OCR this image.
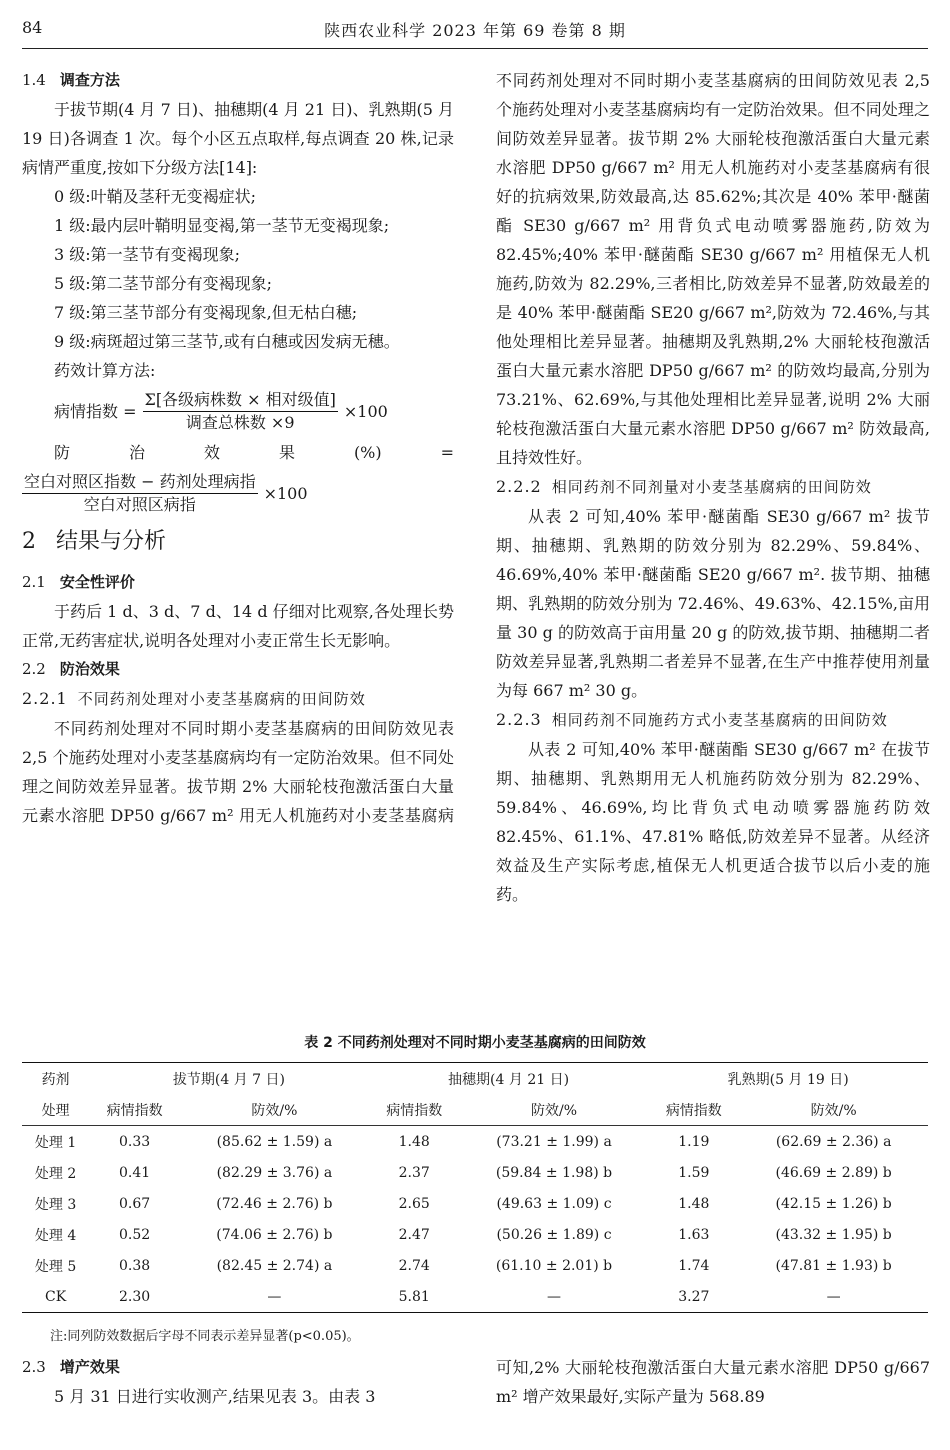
84	陕西农业科学 2023 年第 69 卷第 8 期

1.4 调查方法

于拔节期(4 月 7 日)、抽穗期(4 月 21 日)、乳熟期(5 月 19 日)各调查 1 次。每个小区五点取样,每点调查 20 株,记录病情严重度,按如下分级方法[14]:

0 级:叶鞘及茎秆无变褐症状;

1 级:最内层叶鞘明显变褐,第一茎节无变褐现象;

3 级:第一茎节有变褐现象;

5 级:第二茎节部分有变褐现象;

7 级:第三茎节部分有变褐现象,但无枯白穗;

9 级:病斑超过第三茎节,或有白穗或因发病无穗。

药效计算方法:

病情指数 = $\frac{\text{Σ[各级病株数 × 相对级值]}}{\text{调查总株数 ×9}} \times 100$

防	治	效	果	(%)	=

$\frac{\text{空白对照区指数 − 药剂处理病指}}{\text{空白对照区病指}} \times 100$

2 结果与分析

2.1 安全性评价

于药后 1 d、3 d、7 d、14 d 仔细对比观察,各处理长势正常,无药害症状,说明各处理对小麦正常生长无影响。

2.2 防治效果

2.2.1 不同药剂处理对小麦茎基腐病的田间防效

不同药剂处理对不同时期小麦茎基腐病的田间防效见表 2,5 个施药处理对小麦茎基腐病均有一定防治效果。但不同处理之间防效差异显著。拔节期 2% 大丽轮枝孢激活蛋白大量元素水溶肥 DP50 g/667 m² 用无人机施药对小麦茎基腐病

不同药剂处理对不同时期小麦茎基腐病的田间防效见表 2,5 个施药处理对小麦茎基腐病均有一定防治效果。但不同处理之间防效差异显著。拔节期 2% 大丽轮枝孢激活蛋白大量元素水溶肥 DP50 g/667 m² 用无人机施药对小麦茎基腐病有很好的抗病效果,防效最高,达 85.62%;其次是 40% 苯甲·醚菌酯 SE30 g/667 m² 用背负式电动喷雾器施药,防效为 82.45%;40% 苯甲·醚菌酯 SE30 g/667 m² 用植保无人机施药,防效为 82.29%,三者相比,防效差异不显著,防效最差的是 40% 苯甲·醚菌酯 SE20 g/667 m²,防效为 72.46%,与其他处理相比差异显著。抽穗期及乳熟期,2% 大丽轮枝孢激活蛋白大量元素水溶肥 DP50 g/667 m² 的防效均最高,分别为 73.21%、62.69%,与其他处理相比差异显著,说明 2% 大丽轮枝孢激活蛋白大量元素水溶肥 DP50 g/667 m² 防效最高,且持效性好。

2.2.2 相同药剂不同剂量对小麦茎基腐病的田间防效

从表 2 可知,40% 苯甲·醚菌酯 SE30 g/667 m² 拔节期、抽穗期、乳熟期的防效分别为 82.29%、59.84%、46.69%,40% 苯甲·醚菌酯 SE20 g/667 m². 拔节期、抽穗期、乳熟期的防效分别为 72.46%、49.63%、42.15%,亩用量 30 g 的防效高于亩用量 20 g 的防效,拔节期、抽穗期二者防效差异显著,乳熟期二者差异不显著,在生产中推荐使用剂量为每 667 m² 30 g。

2.2.3 相同药剂不同施药方式小麦茎基腐病的田间防效

从表 2 可知,40% 苯甲·醚菌酯 SE30 g/667 m² 在拔节期、抽穗期、乳熟期用无人机施药防效分别为 82.29%、59.84%、46.69%,均比背负式电动喷雾器施药防效 82.45%、61.1%、47.81% 略低,防效差异不显著。从经济效益及生产实际考虑,植保无人机更适合拔节以后小麦的施药。

表 2 不同药剂处理对不同时期小麦茎基腐病的田间防效
药剂	拔节期(4 月 7 日)		抽穗期(4 月 21 日)		乳熟期(5 月 19 日)	
处理	病情指数	防效/%	病情指数	防效/%	病情指数	防效/%
处理 1	0.33	(85.62 ± 1.59) a	1.48	(73.21 ± 1.99) a	1.19	(62.69 ± 2.36) a
处理 2	0.41	(82.29 ± 3.76) a	2.37	(59.84 ± 1.98) b	1.59	(46.69 ± 2.89) b
处理 3	0.67	(72.46 ± 2.76) b	2.65	(49.63 ± 1.09) c	1.48	(42.15 ± 1.26) b
处理 4	0.52	(74.06 ± 2.76) b	2.47	(50.26 ± 1.89) c	1.63	(43.32 ± 1.95) b
处理 5	0.38	(82.45 ± 2.74) a	2.74	(61.10 ± 2.01) b	1.74	(47.81 ± 1.93) b
CK	2.30	—	5.81	—	3.27	—
注:同列防效数据后字母不同表示差异显著(p<0.05)。

2.3 增产效果

5 月 31 日进行实收测产,结果见表 3。由表 3

可知,2% 大丽轮枝孢激活蛋白大量元素水溶肥 DP50 g/667 m² 增产效果最好,实际产量为 568.89
